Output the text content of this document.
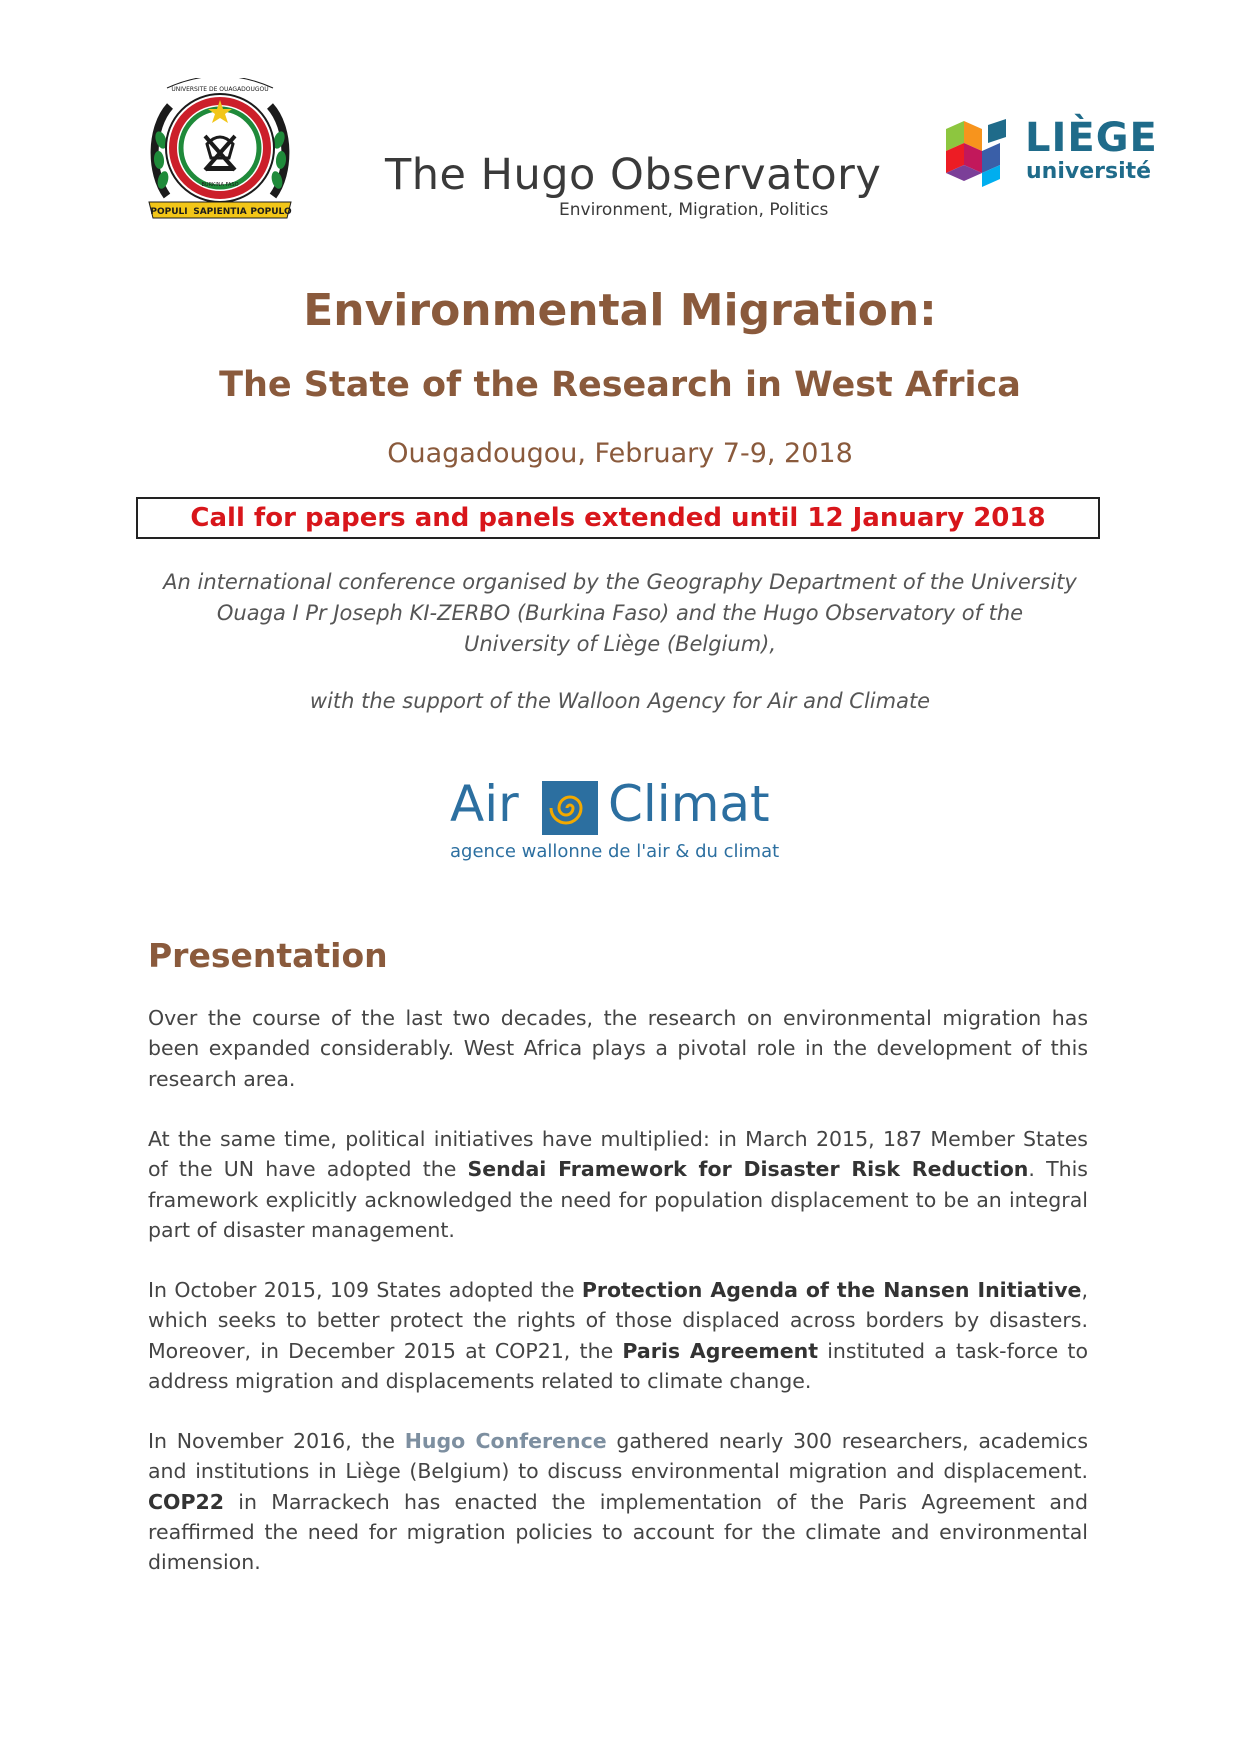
UNIVERSITE DE OUAGADOUGOU
BURKINA FASO
POPULI SAPIENTIA POPULO
The Hugo Observatory
Environment, Migration, Politics
LIÈGE
université
Environmental Migration:
The State of the Research in West Africa
Ouagadougou, February 7-9, 2018
Call for papers and panels extended until 12 January 2018
An international conference organised by the Geography Department of the University
Ouaga I Pr Joseph KI-ZERBO (Burkina Faso) and the Hugo Observatory of the
University of Liège (Belgium),
with the support of the Walloon Agency for Air and Climate
Air Climat
agence wallonne de l'air & du climat
Presentation
Over the course of the last two decades, the research on environmental migration has been expanded considerably. West Africa plays a pivotal role in the development of this research area.
At the same time, political initiatives have multiplied: in March 2015, 187 Member States of the UN have adopted the Sendai Framework for Disaster Risk Reduction. This framework explicitly acknowledged the need for population displacement to be an integral part of disaster management.
In October 2015, 109 States adopted the Protection Agenda of the Nansen Initiative, which seeks to better protect the rights of those displaced across borders by disasters. Moreover, in December 2015 at COP21, the Paris Agreement instituted a task-force to address migration and displacements related to climate change.
In November 2016, the Hugo Conference gathered nearly 300 researchers, academics and institutions in Liège (Belgium) to discuss environmental migration and displacement. COP22 in Marrackech has enacted the implementation of the Paris Agreement and reaffirmed the need for migration policies to account for the climate and environmental dimension.
